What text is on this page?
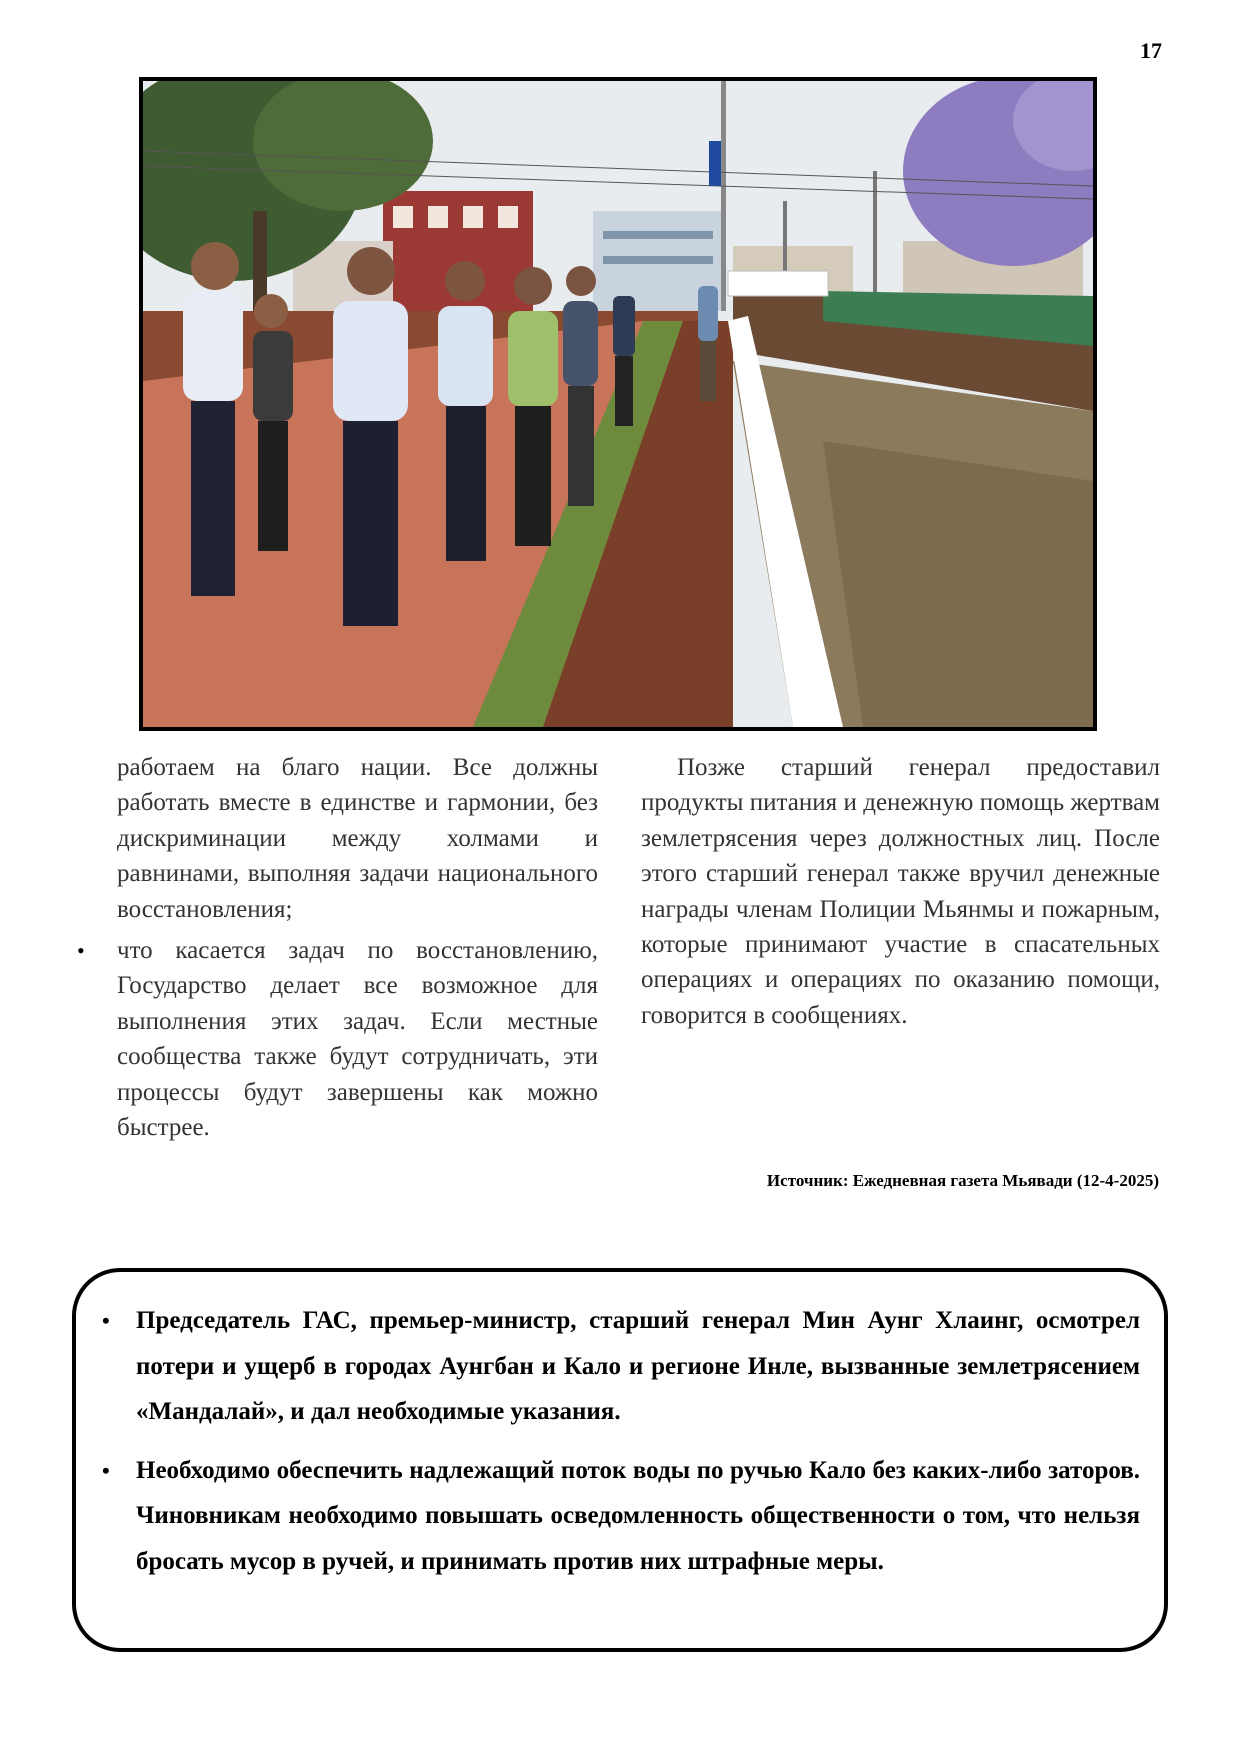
17

работаем на благо нации. Все должны работать вместе в единстве и гармонии, без дискриминации между холмами и равнинами, выполняя задачи национального восстановления;

• что касается задач по восстановлению, Государство делает все возможное для выполнения этих задач. Если местные сообщества также будут сотрудничать, эти процессы будут завершены как можно быстрее.

Позже старший генерал предоставил продукты питания и денежную помощь жертвам землетрясения через должностных лиц. После этого старший генерал также вручил денежные награды членам Полиции Мьянмы и пожарным, которые принимают участие в спасательных операциях и операциях по оказанию помощи, говорится в сообщениях.

Источник: Ежедневная газета Мьявади (12-4-2025)
• Председатель ГАС, премьер-министр, старший генерал Мин Аунг Хлаинг, осмотрел потери и ущерб в городах Аунгбан и Кало и регионе Инле, вызванные землетрясением «Мандалай», и дал необходимые указания.
• Необходимо обеспечить надлежащий поток воды по ручью Кало без каких-либо заторов. Чиновникам необходимо повышать осведомленность общественности о том, что нельзя бросать мусор в ручей, и принимать против них штрафные меры.
